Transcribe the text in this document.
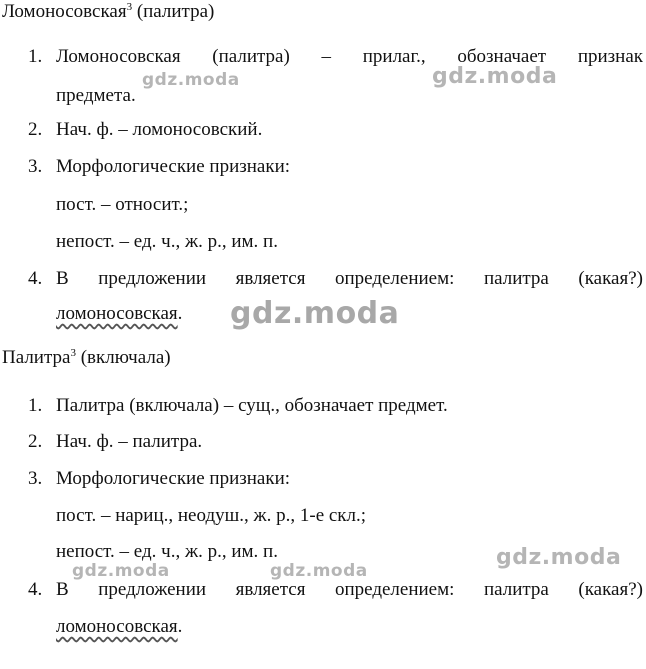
Ломоносовская$^3$ (палитра)
1. Ломоносовская (палитра) – прилаг., обозначает признак
предмета.
2. Нач. ф. – ломоносовский.
3. Морфологические признаки:
пост. – относит.;
непост. – ед. ч., ж. р., им. п.
4. В предложении является определением: палитра (какая?)
ломоносовская.
Палитра$^3$ (включала)
1. Палитра (включала) – сущ., обозначает предмет.
2. Нач. ф. – палитра.
3. Морфологические признаки:
пост. – нариц., неодуш., ж. р., 1-е скл.;
непост. – ед. ч., ж. р., им. п.
4. В предложении является определением: палитра (какая?)
ломоносовская.
gdz.moda	gdz.moda
gdz.moda
gdz.moda
gdz.moda	gdz.moda
